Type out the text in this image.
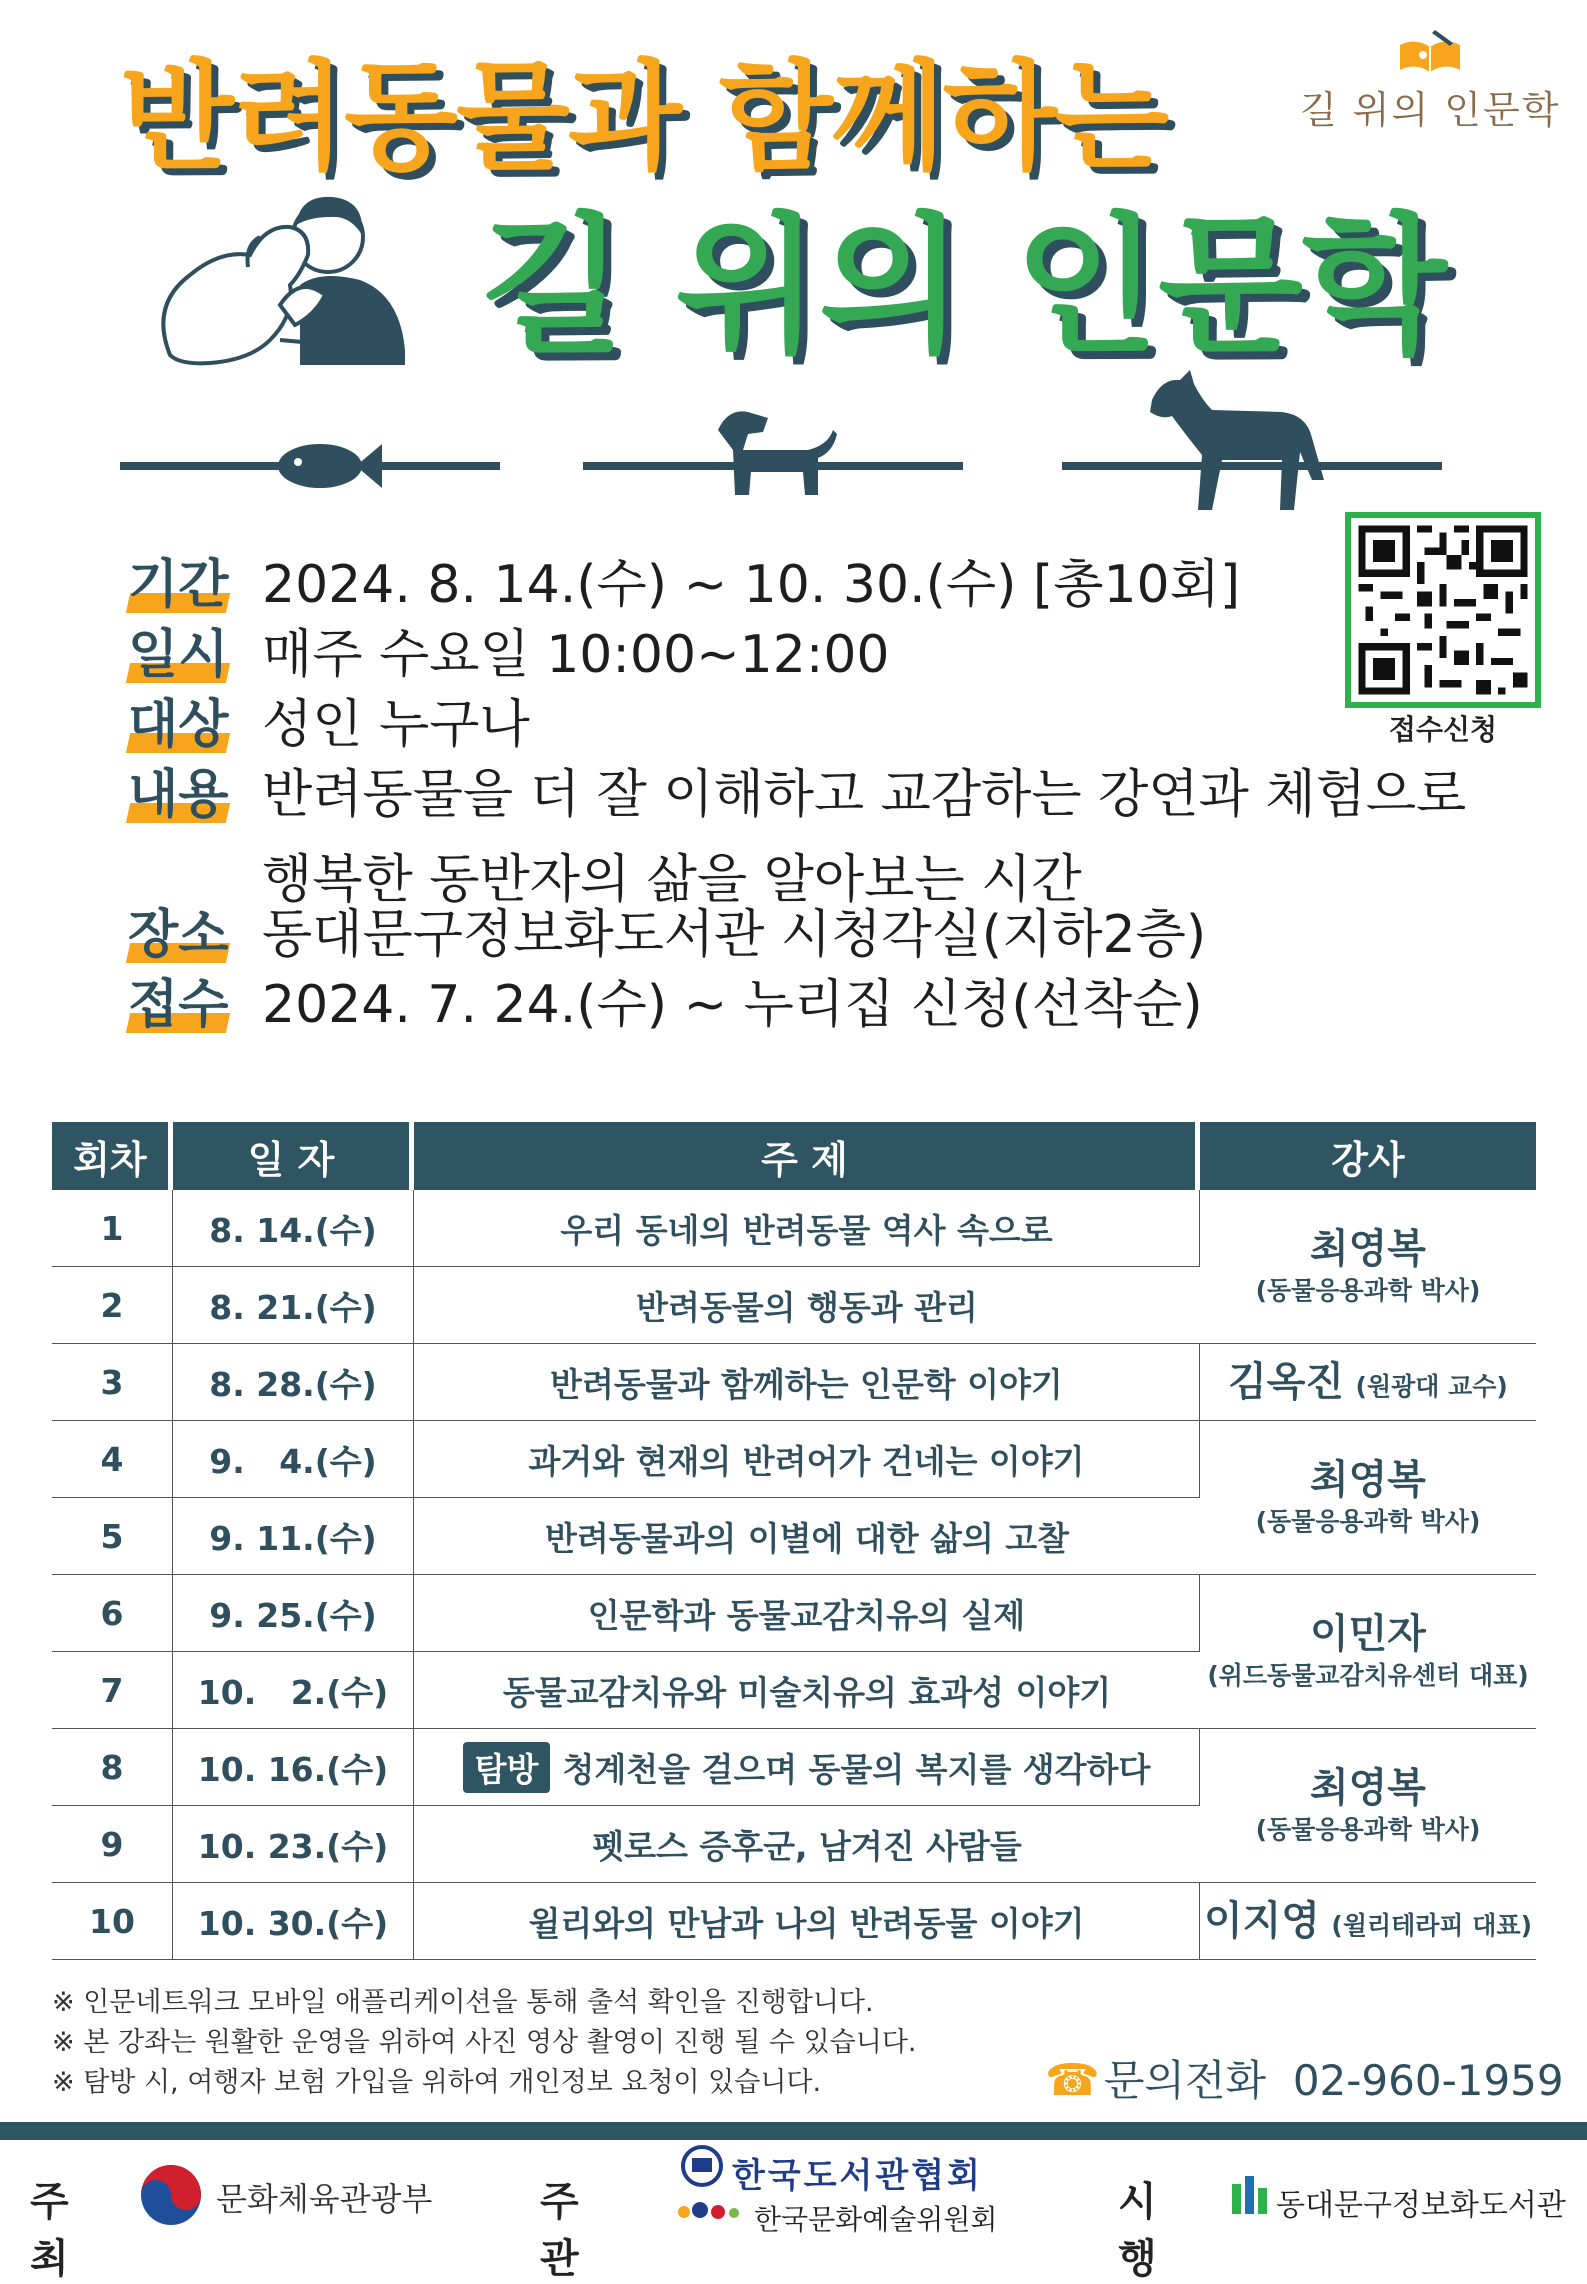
길 위의 인문학
반려동물과 함께하는
길 위의 인문학
접수신청
기간 2024. 8. 14.(수) ~ 10. 30.(수) [총10회]
일시 매주 수요일 10:00~12:00
대상 성인 누구나
내용 반려동물을 더 잘 이해하고 교감하는 강연과 체험으로
행복한 동반자의 삶을 알아보는 시간
장소 동대문구정보화도서관 시청각실(지하2층)
접수 2024. 7. 24.(수) ~ 누리집 신청(선착순)
회차	일 자	주 제	강사
1	8. 14.(수)	우리 동네의 반려동물 역사 속으로	최영복
(동물응용과학 박사)

2	8. 21.(수)	반려동물의 행동과 관리	
3	8. 28.(수)	반려동물과 함께하는 인문학 이야기	김옥진 (원광대 교수)
4	9.   4.(수)	과거와 현재의 반려어가 건네는 이야기	최영복
(동물응용과학 박사)

5	9. 11.(수)	반려동물과의 이별에 대한 삶의 고찰	
6	9. 25.(수)	인문학과 동물교감치유의 실제	이민자
(위드동물교감치유센터 대표)

7	10.   2.(수)	동물교감치유와 미술치유의 효과성 이야기	
8	10. 16.(수)	탐방 청계천을 걸으며 동물의 복지를 생각하다	최영복
(동물응용과학 박사)

9	10. 23.(수)	펫로스 증후군, 남겨진 사람들	
10	10. 30.(수)	윌리와의 만남과 나의 반려동물 이야기	이지영 (윌리테라피 대표)
※ 인문네트워크 모바일 애플리케이션을 통해 출석 확인을 진행합니다.
※ 본 강좌는 원활한 운영을 위하여 사진 영상 촬영이 진행 될 수 있습니다.
※ 탐방 시, 여행자 보험 가입을 위하여 개인정보 요청이 있습니다.	☎문의전화 02-960-1959
주최
문화체육관광부	주관
한국도서관협회
한국문화예술위원회	시행
동대문구정보화도서관
